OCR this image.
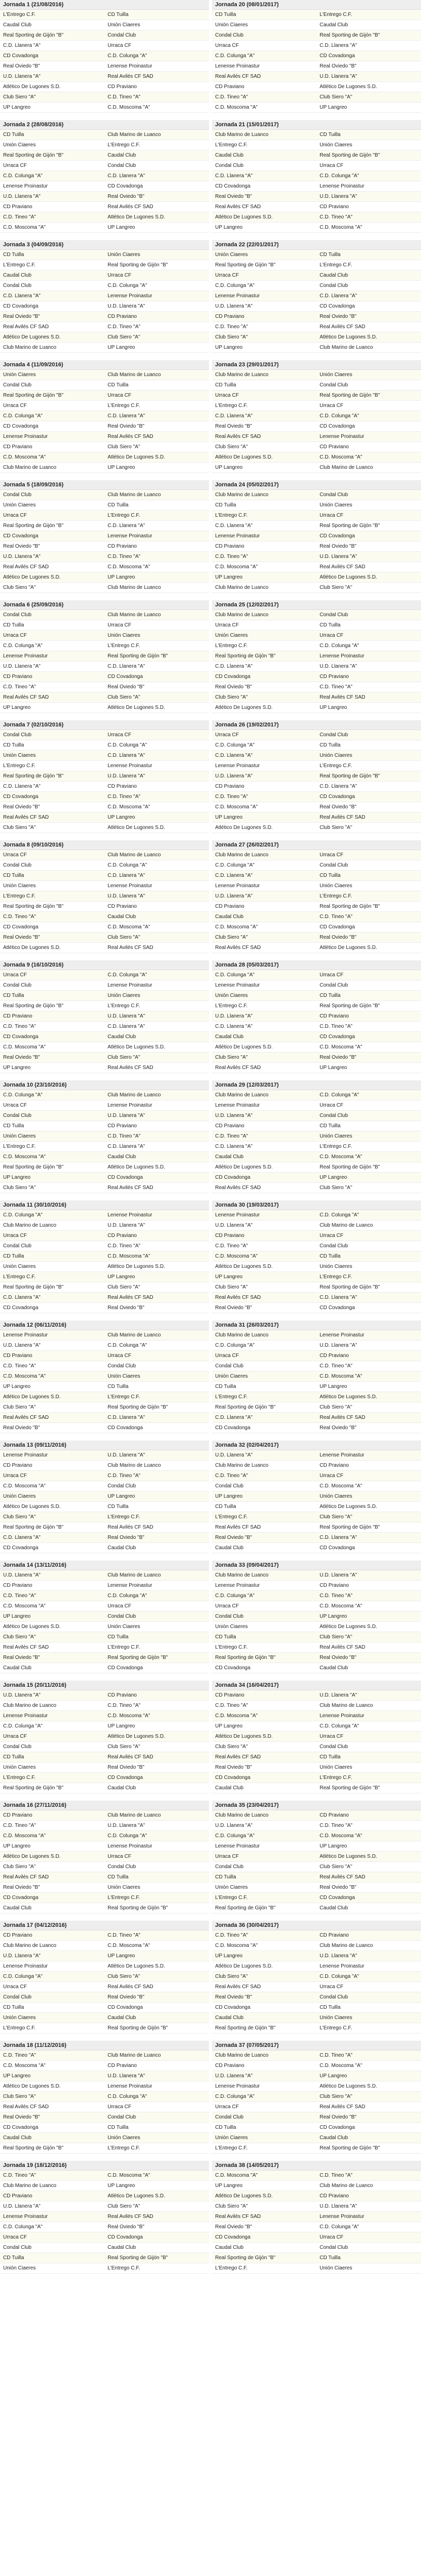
Jornada 1 (21/08/2016)
L'Entrego C.F.	CD Tuilla
Caudal Club	Unión Ciaeres
Real Sporting de Gijón "B"	Condal Club
C.D. Llanera "A"	Urraca CF
CD Covadonga	C.D. Colunga "A"
Real Oviedo "B"	Lenense Proinastur
U.D. Llanera "A"	Real Avilés CF SAD
Atlético De Lugones S.D.	CD Praviano
Club Siero "A"	C.D. Tineo "A"
UP Langreo	C.D. Moscoma "A"
Jornada 20 (08/01/2017)
CD Tuilla	L'Entrego C.F.
Unión Ciaeres	Caudal Club
Condal Club	Real Sporting de Gijón "B"
Urraca CF	C.D. Llanera "A"
C.D. Colunga "A"	CD Covadonga
Lenense Proinastur	Real Oviedo "B"
Real Avilés CF SAD	U.D. Llanera "A"
CD Praviano	Atlético De Lugones S.D.
C.D. Tineo "A"	Club Siero "A"
C.D. Moscoma "A"	UP Langreo
Jornada 2 (28/08/2016)
CD Tuilla	Club Marino de Luanco
Unión Ciaeres	L'Entrego C.F.
Real Sporting de Gijón "B"	Caudal Club
Urraca CF	Condal Club
C.D. Colunga "A"	C.D. Llanera "A"
Lenense Proinastur	CD Covadonga
U.D. Llanera "A"	Real Oviedo "B"
CD Praviano	Real Avilés CF SAD
C.D. Tineo "A"	Atlético De Lugones S.D.
C.D. Moscoma "A"	UP Langreo
Jornada 21 (15/01/2017)
Club Marino de Luanco	CD Tuilla
L'Entrego C.F.	Unión Ciaeres
Caudal Club	Real Sporting de Gijón "B"
Condal Club	Urraca CF
C.D. Llanera "A"	C.D. Colunga "A"
CD Covadonga	Lenense Proinastur
Real Oviedo "B"	U.D. Llanera "A"
Real Avilés CF SAD	CD Praviano
Atlético De Lugones S.D.	C.D. Tineo "A"
UP Langreo	C.D. Moscoma "A"
Jornada 3 (04/09/2016)
CD Tuilla	Unión Ciaeres
L'Entrego C.F.	Real Sporting de Gijón "B"
Caudal Club	Urraca CF
Condal Club	C.D. Colunga "A"
C.D. Llanera "A"	Lenense Proinastur
CD Covadonga	U.D. Llanera "A"
Real Oviedo "B"	CD Praviano
Real Avilés CF SAD	C.D. Tineo "A"
Atlético De Lugones S.D.	Club Siero "A"
Club Marino de Luanco	UP Langreo
Jornada 22 (22/01/2017)
Unión Ciaeres	CD Tuilla
Real Sporting de Gijón "B"	L'Entrego C.F.
Urraca CF	Caudal Club
C.D. Colunga "A"	Condal Club
Lenense Proinastur	C.D. Llanera "A"
U.D. Llanera "A"	CD Covadonga
CD Praviano	Real Oviedo "B"
C.D. Tineo "A"	Real Avilés CF SAD
Club Siero "A"	Atlético De Lugones S.D.
UP Langreo	Club Marino de Luanco
Jornada 4 (11/09/2016)
Unión Ciaeres	Club Marino de Luanco
Condal Club	CD Tuilla
Real Sporting de Gijón "B"	Urraca CF
Urraca CF	L'Entrego C.F.
C.D. Colunga "A"	C.D. Llanera "A"
CD Covadonga	Real Oviedo "B"
Lenense Proinastur	Real Avilés CF SAD
CD Praviano	Club Siero "A"
C.D. Moscoma "A"	Atlético De Lugones S.D.
Club Marino de Luanco	UP Langreo
Jornada 23 (29/01/2017)
Club Marino de Luanco	Unión Ciaeres
CD Tuilla	Condal Club
Urraca CF	Real Sporting de Gijón "B"
L'Entrego C.F.	Urraca CF
C.D. Llanera "A"	C.D. Colunga "A"
Real Oviedo "B"	CD Covadonga
Real Avilés CF SAD	Lenense Proinastur
Club Siero "A"	CD Praviano
Atlético De Lugones S.D.	C.D. Moscoma "A"
UP Langreo	Club Marino de Luanco
Jornada 5 (18/09/2016)
Condal Club	Club Marino de Luanco
Unión Ciaeres	CD Tuilla
Urraca CF	L'Entrego C.F.
Real Sporting de Gijón "B"	C.D. Llanera "A"
CD Covadonga	Lenense Proinastur
Real Oviedo "B"	CD Praviano
U.D. Llanera "A"	C.D. Tineo "A"
Real Avilés CF SAD	C.D. Moscoma "A"
Atlético De Lugones S.D.	UP Langreo
Club Siero "A"	Club Marino de Luanco
Jornada 24 (05/02/2017)
Club Marino de Luanco	Condal Club
CD Tuilla	Unión Ciaeres
L'Entrego C.F.	Urraca CF
C.D. Llanera "A"	Real Sporting de Gijón "B"
Lenense Proinastur	CD Covadonga
CD Praviano	Real Oviedo "B"
C.D. Tineo "A"	U.D. Llanera "A"
C.D. Moscoma "A"	Real Avilés CF SAD
UP Langreo	Atlético De Lugones S.D.
Club Marino de Luanco	Club Siero "A"
Jornada 6 (25/09/2016)
Condal Club	Club Marino de Luanco
CD Tuilla	Urraca CF
Urraca CF	Unión Ciaeres
C.D. Colunga "A"	L'Entrego C.F.
Lenense Proinastur	Real Sporting de Gijón "B"
U.D. Llanera "A"	C.D. Llanera "A"
CD Praviano	CD Covadonga
C.D. Tineo "A"	Real Oviedo "B"
Real Avilés CF SAD	Club Siero "A"
UP Langreo	Atlético De Lugones S.D.
Jornada 25 (12/02/2017)
Club Marino de Luanco	Condal Club
Urraca CF	CD Tuilla
Unión Ciaeres	Urraca CF
L'Entrego C.F.	C.D. Colunga "A"
Real Sporting de Gijón "B"	Lenense Proinastur
C.D. Llanera "A"	U.D. Llanera "A"
CD Covadonga	CD Praviano
Real Oviedo "B"	C.D. Tineo "A"
Club Siero "A"	Real Avilés CF SAD
Atlético De Lugones S.D.	UP Langreo
Jornada 7 (02/10/2016)
Condal Club	Urraca CF
CD Tuilla	C.D. Colunga "A"
Unión Ciaeres	C.D. Llanera "A"
L'Entrego C.F.	Lenense Proinastur
Real Sporting de Gijón "B"	U.D. Llanera "A"
C.D. Llanera "A"	CD Praviano
CD Covadonga	C.D. Tineo "A"
Real Oviedo "B"	C.D. Moscoma "A"
Real Avilés CF SAD	UP Langreo
Club Siero "A"	Atlético De Lugones S.D.
Jornada 26 (19/02/2017)
Urraca CF	Condal Club
C.D. Colunga "A"	CD Tuilla
C.D. Llanera "A"	Unión Ciaeres
Lenense Proinastur	L'Entrego C.F.
U.D. Llanera "A"	Real Sporting de Gijón "B"
CD Praviano	C.D. Llanera "A"
C.D. Tineo "A"	CD Covadonga
C.D. Moscoma "A"	Real Oviedo "B"
UP Langreo	Real Avilés CF SAD
Atlético De Lugones S.D.	Club Siero "A"
Jornada 8 (09/10/2016)
Urraca CF	Club Marino de Luanco
Condal Club	C.D. Colunga "A"
CD Tuilla	C.D. Llanera "A"
Unión Ciaeres	Lenense Proinastur
L'Entrego C.F.	U.D. Llanera "A"
Real Sporting de Gijón "B"	CD Praviano
C.D. Tineo "A"	Caudal Club
CD Covadonga	C.D. Moscoma "A"
Real Oviedo "B"	Club Siero "A"
Atlético De Lugones S.D.	Real Avilés CF SAD
Jornada 27 (26/02/2017)
Club Marino de Luanco	Urraca CF
C.D. Colunga "A"	Condal Club
C.D. Llanera "A"	CD Tuilla
Lenense Proinastur	Unión Ciaeres
U.D. Llanera "A"	L'Entrego C.F.
CD Praviano	Real Sporting de Gijón "B"
Caudal Club	C.D. Tineo "A"
C.D. Moscoma "A"	CD Covadonga
Club Siero "A"	Real Oviedo "B"
Real Avilés CF SAD	Atlético De Lugones S.D.
Jornada 9 (16/10/2016)
Urraca CF	C.D. Colunga "A"
Condal Club	Lenense Proinastur
CD Tuilla	Unión Ciaeres
Real Sporting de Gijón "B"	L'Entrego C.F.
CD Praviano	U.D. Llanera "A"
C.D. Tineo "A"	C.D. Llanera "A"
CD Covadonga	Caudal Club
C.D. Moscoma "A"	Atlético De Lugones S.D.
Real Oviedo "B"	Club Siero "A"
UP Langreo	Real Avilés CF SAD
Jornada 28 (05/03/2017)
C.D. Colunga "A"	Urraca CF
Lenense Proinastur	Condal Club
Unión Ciaeres	CD Tuilla
L'Entrego C.F.	Real Sporting de Gijón "B"
U.D. Llanera "A"	CD Praviano
C.D. Llanera "A"	C.D. Tineo "A"
Caudal Club	CD Covadonga
Atlético De Lugones S.D.	C.D. Moscoma "A"
Club Siero "A"	Real Oviedo "B"
Real Avilés CF SAD	UP Langreo
Jornada 10 (23/10/2016)
C.D. Colunga "A"	Club Marino de Luanco
Urraca CF	Lenense Proinastur
Condal Club	U.D. Llanera "A"
CD Tuilla	CD Praviano
Unión Ciaeres	C.D. Tineo "A"
L'Entrego C.F.	C.D. Llanera "A"
C.D. Moscoma "A"	Caudal Club
Real Sporting de Gijón "B"	Atlético De Lugones S.D.
UP Langreo	CD Covadonga
Club Siero "A"	Real Avilés CF SAD
Jornada 29 (12/03/2017)
Club Marino de Luanco	C.D. Colunga "A"
Lenense Proinastur	Urraca CF
U.D. Llanera "A"	Condal Club
CD Praviano	CD Tuilla
C.D. Tineo "A"	Unión Ciaeres
C.D. Llanera "A"	L'Entrego C.F.
Caudal Club	C.D. Moscoma "A"
Atlético De Lugones S.D.	Real Sporting de Gijón "B"
CD Covadonga	UP Langreo
Real Avilés CF SAD	Club Siero "A"
Jornada 11 (30/10/2016)
C.D. Colunga "A"	Lenense Proinastur
Club Marino de Luanco	U.D. Llanera "A"
Urraca CF	CD Praviano
Condal Club	C.D. Tineo "A"
CD Tuilla	C.D. Moscoma "A"
Unión Ciaeres	Atlético De Lugones S.D.
L'Entrego C.F.	UP Langreo
Real Sporting de Gijón "B"	Club Siero "A"
C.D. Llanera "A"	Real Avilés CF SAD
CD Covadonga	Real Oviedo "B"
Jornada 30 (19/03/2017)
Lenense Proinastur	C.D. Colunga "A"
U.D. Llanera "A"	Club Marino de Luanco
CD Praviano	Urraca CF
C.D. Tineo "A"	Condal Club
C.D. Moscoma "A"	CD Tuilla
Atlético De Lugones S.D.	Unión Ciaeres
UP Langreo	L'Entrego C.F.
Club Siero "A"	Real Sporting de Gijón "B"
Real Avilés CF SAD	C.D. Llanera "A"
Real Oviedo "B"	CD Covadonga
Jornada 12 (06/11/2016)
Lenense Proinastur	Club Marino de Luanco
U.D. Llanera "A"	C.D. Colunga "A"
CD Praviano	Urraca CF
C.D. Tineo "A"	Condal Club
C.D. Moscoma "A"	Unión Ciaeres
UP Langreo	CD Tuilla
Atlético De Lugones S.D.	L'Entrego C.F.
Club Siero "A"	Real Sporting de Gijón "B"
Real Avilés CF SAD	C.D. Llanera "A"
Real Oviedo "B"	CD Covadonga
Jornada 31 (26/03/2017)
Club Marino de Luanco	Lenense Proinastur
C.D. Colunga "A"	U.D. Llanera "A"
Urraca CF	CD Praviano
Condal Club	C.D. Tineo "A"
Unión Ciaeres	C.D. Moscoma "A"
CD Tuilla	UP Langreo
L'Entrego C.F.	Atlético De Lugones S.D.
Real Sporting de Gijón "B"	Club Siero "A"
C.D. Llanera "A"	Real Avilés CF SAD
CD Covadonga	Real Oviedo "B"
Jornada 13 (09/11/2016)
Lenense Proinastur	U.D. Llanera "A"
CD Praviano	Club Marino de Luanco
Urraca CF	C.D. Tineo "A"
C.D. Moscoma "A"	Condal Club
Unión Ciaeres	UP Langreo
Atlético De Lugones S.D.	CD Tuilla
Club Siero "A"	L'Entrego C.F.
Real Sporting de Gijón "B"	Real Avilés CF SAD
C.D. Llanera "A"	Real Oviedo "B"
CD Covadonga	Caudal Club
Jornada 32 (02/04/2017)
U.D. Llanera "A"	Lenense Proinastur
Club Marino de Luanco	CD Praviano
C.D. Tineo "A"	Urraca CF
Condal Club	C.D. Moscoma "A"
UP Langreo	Unión Ciaeres
CD Tuilla	Atlético De Lugones S.D.
L'Entrego C.F.	Club Siero "A"
Real Avilés CF SAD	Real Sporting de Gijón "B"
Real Oviedo "B"	C.D. Llanera "A"
Caudal Club	CD Covadonga
Jornada 14 (13/11/2016)
U.D. Llanera "A"	Club Marino de Luanco
CD Praviano	Lenense Proinastur
C.D. Tineo "A"	C.D. Colunga "A"
C.D. Moscoma "A"	Urraca CF
UP Langreo	Condal Club
Atlético De Lugones S.D.	Unión Ciaeres
Club Siero "A"	CD Tuilla
Real Avilés CF SAD	L'Entrego C.F.
Real Oviedo "B"	Real Sporting de Gijón "B"
Caudal Club	CD Covadonga
Jornada 33 (09/04/2017)
Club Marino de Luanco	U.D. Llanera "A"
Lenense Proinastur	CD Praviano
C.D. Colunga "A"	C.D. Tineo "A"
Urraca CF	C.D. Moscoma "A"
Condal Club	UP Langreo
Unión Ciaeres	Atlético De Lugones S.D.
CD Tuilla	Club Siero "A"
L'Entrego C.F.	Real Avilés CF SAD
Real Sporting de Gijón "B"	Real Oviedo "B"
CD Covadonga	Caudal Club
Jornada 15 (20/11/2016)
U.D. Llanera "A"	CD Praviano
Club Marino de Luanco	C.D. Tineo "A"
Lenense Proinastur	C.D. Moscoma "A"
C.D. Colunga "A"	UP Langreo
Urraca CF	Atlético De Lugones S.D.
Condal Club	Club Siero "A"
CD Tuilla	Real Avilés CF SAD
Unión Ciaeres	Real Oviedo "B"
L'Entrego C.F.	CD Covadonga
Real Sporting de Gijón "B"	Caudal Club
Jornada 34 (16/04/2017)
CD Praviano	U.D. Llanera "A"
C.D. Tineo "A"	Club Marino de Luanco
C.D. Moscoma "A"	Lenense Proinastur
UP Langreo	C.D. Colunga "A"
Atlético De Lugones S.D.	Urraca CF
Club Siero "A"	Condal Club
Real Avilés CF SAD	CD Tuilla
Real Oviedo "B"	Unión Ciaeres
CD Covadonga	L'Entrego C.F.
Caudal Club	Real Sporting de Gijón "B"
Jornada 16 (27/11/2016)
CD Praviano	Club Marino de Luanco
C.D. Tineo "A"	U.D. Llanera "A"
C.D. Moscoma "A"	C.D. Colunga "A"
UP Langreo	Lenense Proinastur
Atlético De Lugones S.D.	Urraca CF
Club Siero "A"	Condal Club
Real Avilés CF SAD	CD Tuilla
Real Oviedo "B"	Unión Ciaeres
CD Covadonga	L'Entrego C.F.
Caudal Club	Real Sporting de Gijón "B"
Jornada 35 (23/04/2017)
Club Marino de Luanco	CD Praviano
U.D. Llanera "A"	C.D. Tineo "A"
C.D. Colunga "A"	C.D. Moscoma "A"
Lenense Proinastur	UP Langreo
Urraca CF	Atlético De Lugones S.D.
Condal Club	Club Siero "A"
CD Tuilla	Real Avilés CF SAD
Unión Ciaeres	Real Oviedo "B"
L'Entrego C.F.	CD Covadonga
Real Sporting de Gijón "B"	Caudal Club
Jornada 17 (04/12/2016)
CD Praviano	C.D. Tineo "A"
Club Marino de Luanco	C.D. Moscoma "A"
U.D. Llanera "A"	UP Langreo
Lenense Proinastur	Atlético De Lugones S.D.
C.D. Colunga "A"	Club Siero "A"
Urraca CF	Real Avilés CF SAD
Condal Club	Real Oviedo "B"
CD Tuilla	CD Covadonga
Unión Ciaeres	Caudal Club
L'Entrego C.F.	Real Sporting de Gijón "B"
Jornada 36 (30/04/2017)
C.D. Tineo "A"	CD Praviano
C.D. Moscoma "A"	Club Marino de Luanco
UP Langreo	U.D. Llanera "A"
Atlético De Lugones S.D.	Lenense Proinastur
Club Siero "A"	C.D. Colunga "A"
Real Avilés CF SAD	Urraca CF
Real Oviedo "B"	Condal Club
CD Covadonga	CD Tuilla
Caudal Club	Unión Ciaeres
Real Sporting de Gijón "B"	L'Entrego C.F.
Jornada 18 (11/12/2016)
C.D. Tineo "A"	Club Marino de Luanco
C.D. Moscoma "A"	CD Praviano
UP Langreo	U.D. Llanera "A"
Atlético De Lugones S.D.	Lenense Proinastur
Club Siero "A"	C.D. Colunga "A"
Real Avilés CF SAD	Urraca CF
Real Oviedo "B"	Condal Club
CD Covadonga	CD Tuilla
Caudal Club	Unión Ciaeres
Real Sporting de Gijón "B"	L'Entrego C.F.
Jornada 37 (07/05/2017)
Club Marino de Luanco	C.D. Tineo "A"
CD Praviano	C.D. Moscoma "A"
U.D. Llanera "A"	UP Langreo
Lenense Proinastur	Atlético De Lugones S.D.
C.D. Colunga "A"	Club Siero "A"
Urraca CF	Real Avilés CF SAD
Condal Club	Real Oviedo "B"
CD Tuilla	CD Covadonga
Unión Ciaeres	Caudal Club
L'Entrego C.F.	Real Sporting de Gijón "B"
Jornada 19 (18/12/2016)
C.D. Tineo "A"	C.D. Moscoma "A"
Club Marino de Luanco	UP Langreo
CD Praviano	Atlético De Lugones S.D.
U.D. Llanera "A"	Club Siero "A"
Lenense Proinastur	Real Avilés CF SAD
C.D. Colunga "A"	Real Oviedo "B"
Urraca CF	CD Covadonga
Condal Club	Caudal Club
CD Tuilla	Real Sporting de Gijón "B"
Unión Ciaeres	L'Entrego C.F.
Jornada 38 (14/05/2017)
C.D. Moscoma "A"	C.D. Tineo "A"
UP Langreo	Club Marino de Luanco
Atlético De Lugones S.D.	CD Praviano
Club Siero "A"	U.D. Llanera "A"
Real Avilés CF SAD	Lenense Proinastur
Real Oviedo "B"	C.D. Colunga "A"
CD Covadonga	Urraca CF
Caudal Club	Condal Club
Real Sporting de Gijón "B"	CD Tuilla
L'Entrego C.F.	Unión Ciaeres
